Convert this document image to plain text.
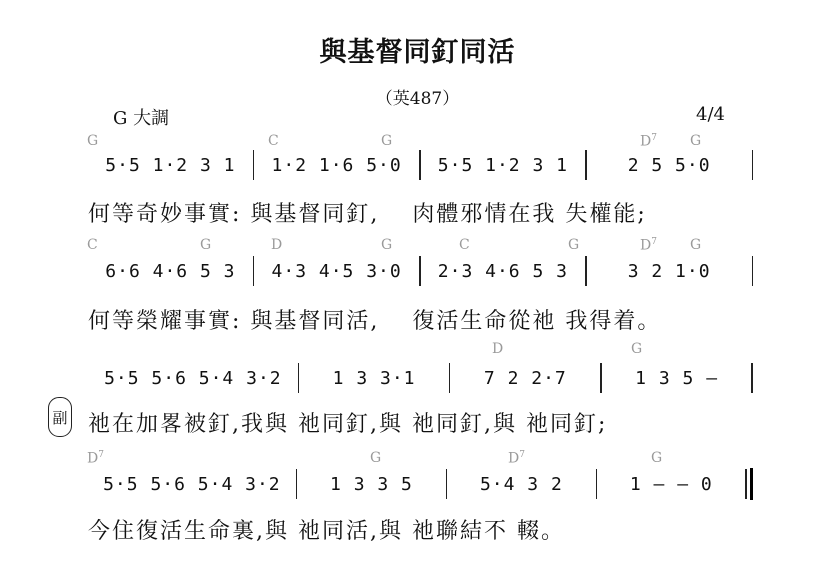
與基督同釘同活
（英487）
G 大調	4/4
G	C	G	$D^7$ G
C	G	D	G	C	G	$D^7$ G
D	G
$D^7$	G	$D^7$	G
5·5 1·2 3 1	1·2 1·6 5·0	5·5 1·2 3 1	2 5 5·0
何等奇妙事實: 與基督同釘,　 肉體邪情在我 失權能;
6·6 4·6 5 3	4·3 4·5 3·0	2·3 4·6 5 3	3 2 1·0
何等榮耀事實: 與基督同活,　 復活生命從祂 我得着。
5·5 5·6 5·4 3·2	1 3 3·1	7 2 2·7	1 3 5 –
副 祂在加畧被釘,我與 祂同釘,與 祂同釘,與 祂同釘;
5·5 5·6 5·4 3·2	1 3 3 5	5·4 3 2	1 – – 0
今住復活生命裏,與 祂同活,與 祂聯結不 輟。
